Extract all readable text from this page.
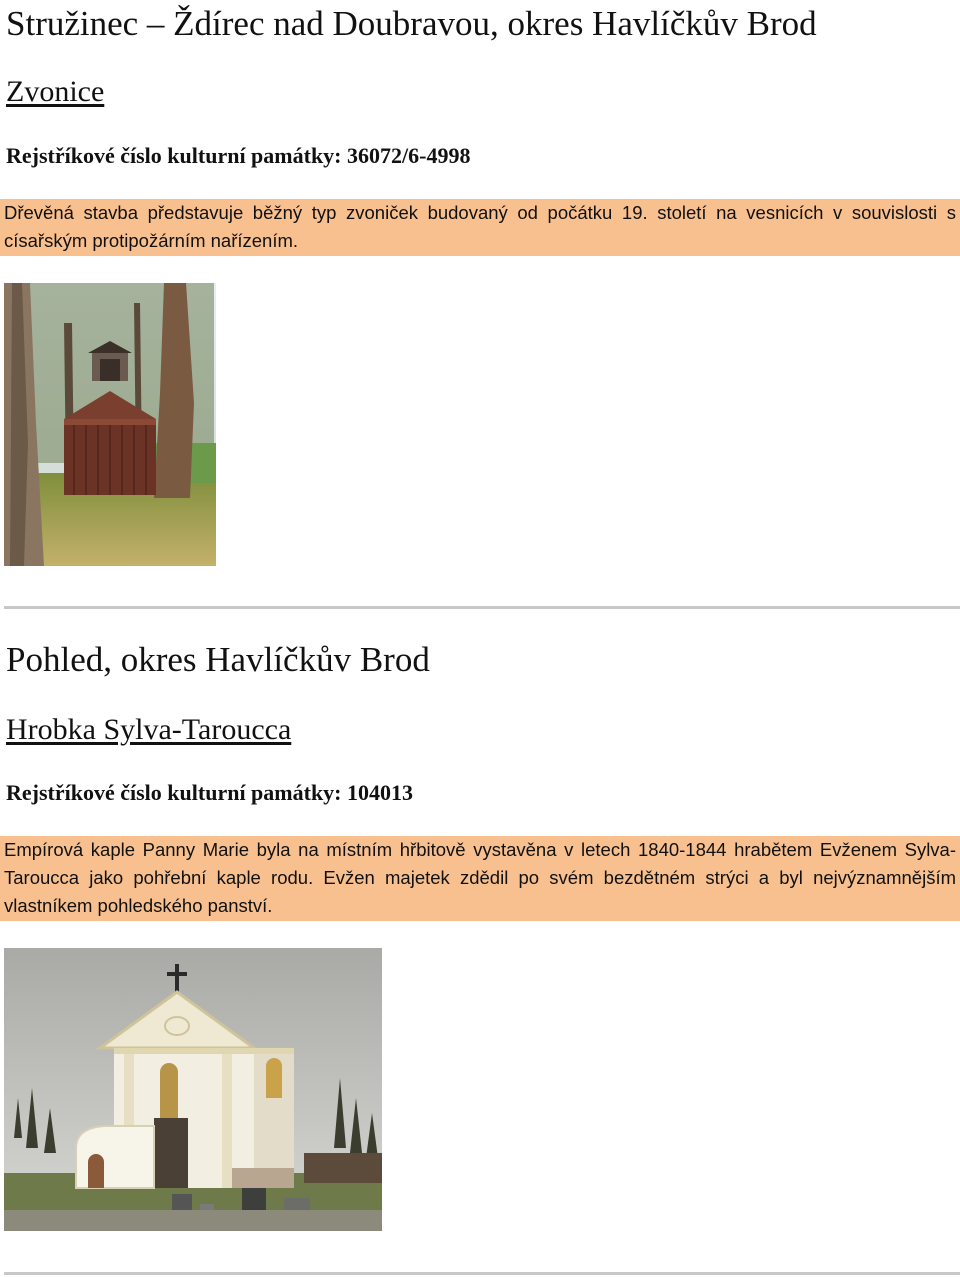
Stružinec – Ždírec nad Doubravou, okres Havlíčkův Brod
Zvonice
Rejstříkové číslo kulturní památky: 36072/6-4998

Dřevěná stavba představuje běžný typ zvoniček budovaný od počátku 19. století na vesnicích v souvislosti s císařským protipožárním nařízením.

Pohled, okres Havlíčkův Brod
Hrobka Sylva-Taroucca
Rejstříkové číslo kulturní památky: 104013

Empírová kaple Panny Marie byla na místním hřbitově vystavěna v letech 1840-1844 hrabětem Evženem Sylva-Taroucca jako pohřební kaple rodu. Evžen majetek zdědil po svém bezdětném strýci a byl nejvýznamnějším vlastníkem pohledského panství.
